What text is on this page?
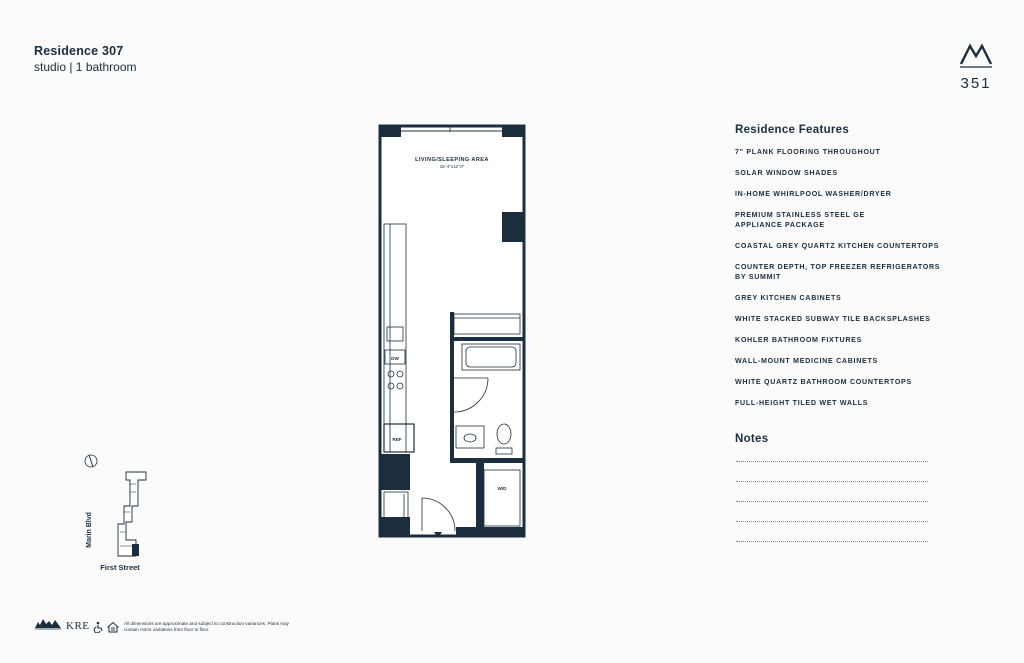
Residence 307
studio | 1 bathroom
351
LIVING/SLEEPING AREA
15'-4"x12'-0"
DW
REF
W/D
Marin Blvd
First Street
Residence Features
7" PLANK FLOORING THROUGHOUT
SOLAR WINDOW SHADES
IN-HOME WHIRLPOOL WASHER/DRYER
PREMIUM STAINLESS STEEL GE
APPLIANCE PACKAGE
COASTAL GREY QUARTZ KITCHEN COUNTERTOPS
COUNTER DEPTH, TOP FREEZER REFRIGERATORS
BY SUMMIT
GREY KITCHEN CABINETS
WHITE STACKED SUBWAY TILE BACKSPLASHES
KOHLER BATHROOM FIXTURES
WALL-MOUNT MEDICINE CABINETS
WHITE QUARTZ BATHROOM COUNTERTOPS
FULL-HEIGHT TILED WET WALLS
Notes
KRE	All dimensions are approximate and subject to construction variances. Plans may contain minor variations from floor to floor.
